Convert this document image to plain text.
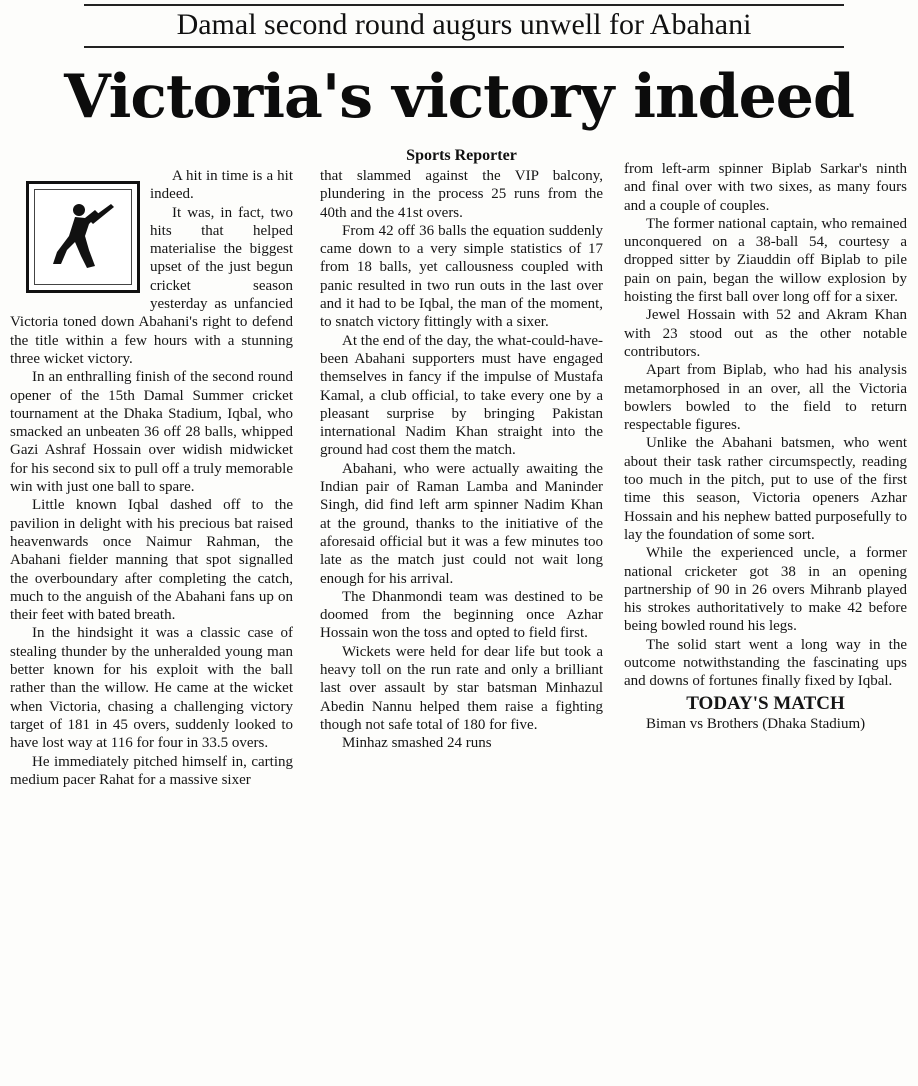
Damal second round augurs unwell for Abahani
Victoria's victory indeed
Sports Reporter

A hit in time is a hit indeed.

It was, in fact, two hits that helped materialise the biggest upset of the just begun cricket season yesterday as unfancied Victoria toned down Abahani's right to defend the title within a few hours with a stunning three wicket victory.

In an enthralling finish of the second round opener of the 15th Damal Summer cricket tournament at the Dhaka Stadium, Iqbal, who smacked an unbeaten 36 off 28 balls, whipped Gazi Ashraf Hossain over widish midwicket for his second six to pull off a truly memorable win with just one ball to spare.

Little known Iqbal dashed off to the pavilion in delight with his precious bat raised heavenwards once Naimur Rahman, the Abahani fielder manning that spot signalled the overboundary after completing the catch, much to the anguish of the Abahani fans up on their feet with bated breath.

In the hindsight it was a classic case of stealing thunder by the unheralded young man better known for his exploit with the ball rather than the willow. He came at the wicket when Victoria, chasing a challenging victory target of 181 in 45 overs, suddenly looked to have lost way at 116 for four in 33.5 overs.

He immediately pitched himself in, carting medium pacer Rahat for a massive sixer

that slammed against the VIP balcony, plundering in the process 25 runs from the 40th and the 41st overs.

From 42 off 36 balls the equation suddenly came down to a very simple statistics of 17 from 18 balls, yet callousness coupled with panic resulted in two run outs in the last over and it had to be Iqbal, the man of the moment, to snatch victory fittingly with a sixer.

At the end of the day, the what-could-have-been Abahani supporters must have engaged themselves in fancy if the impulse of Mustafa Kamal, a club official, to take every one by a pleasant surprise by bringing Pakistan international Nadim Khan straight into the ground had cost them the match.

Abahani, who were actually awaiting the Indian pair of Raman Lamba and Maninder Singh, did find left arm spinner Nadim Khan at the ground, thanks to the initiative of the aforesaid official but it was a few minutes too late as the match just could not wait long enough for his arrival.

The Dhanmondi team was destined to be doomed from the beginning once Azhar Hossain won the toss and opted to field first.

Wickets were held for dear life but took a heavy toll on the run rate and only a brilliant last over assault by star batsman Minhazul Abedin Nannu helped them raise a fighting though not safe total of 180 for five.

Minhaz smashed 24 runs

from left-arm spinner Biplab Sarkar's ninth and final over with two sixes, as many fours and a couple of couples.

The former national captain, who remained unconquered on a 38-ball 54, courtesy a dropped sitter by Ziauddin off Biplab to pile pain on pain, began the willow explosion by hoisting the first ball over long off for a sixer.

Jewel Hossain with 52 and Akram Khan with 23 stood out as the other notable contributors.

Apart from Biplab, who had his analysis metamorphosed in an over, all the Victoria bowlers bowled to the field to return respectable figures.

Unlike the Abahani batsmen, who went about their task rather circumspectly, reading too much in the pitch, put to use of the first time this season, Victoria openers Azhar Hossain and his nephew batted purposefully to lay the foundation of some sort.

While the experienced uncle, a former national cricketer got 38 in an opening partnership of 90 in 26 overs Mihranb played his strokes authoritatively to make 42 before being bowled round his legs.

The solid start went a long way in the outcome notwithstanding the fascinating ups and downs of fortunes finally fixed by Iqbal.

TODAY'S MATCH

Biman vs Brothers (Dhaka Stadium)
